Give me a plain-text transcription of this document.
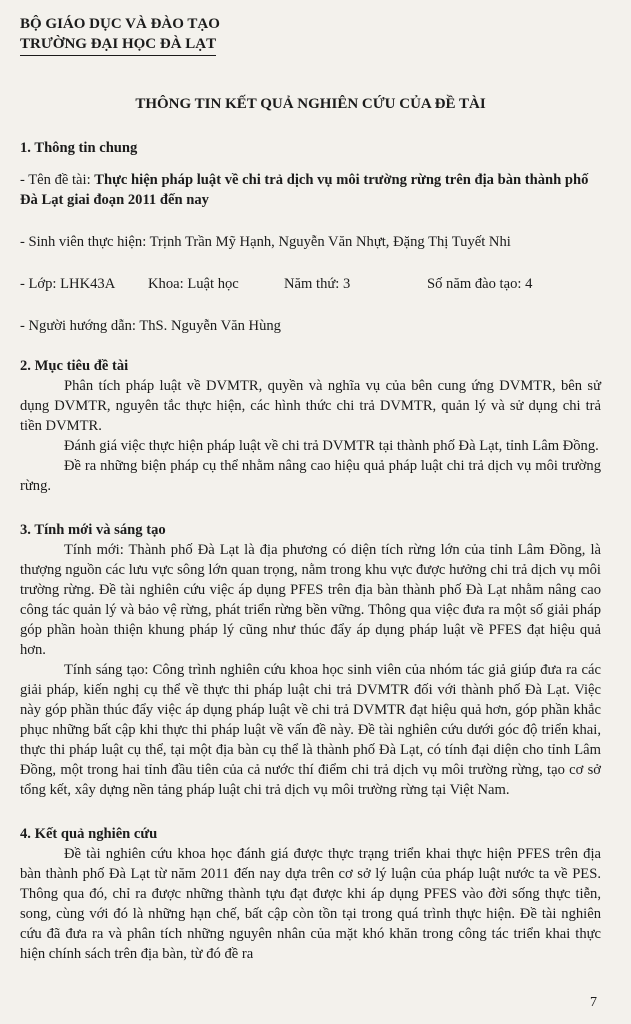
BỘ GIÁO DỤC VÀ ĐÀO TẠO
TRƯỜNG ĐẠI HỌC ĐÀ LẠT
THÔNG TIN KẾT QUẢ NGHIÊN CỨU CỦA ĐỀ TÀI
1. Thông tin chung
- Tên đề tài: Thực hiện pháp luật về chi trả dịch vụ môi trường rừng trên địa bàn thành phố Đà Lạt giai đoạn 2011 đến nay
- Sinh viên thực hiện: Trịnh Trần Mỹ Hạnh, Nguyễn Văn Nhựt, Đặng Thị Tuyết Nhi
- Lớp: LHK43A	Khoa: Luật học	Năm thứ: 3	Số năm đào tạo: 4
- Người hướng dẫn: ThS. Nguyễn Văn Hùng
2. Mục tiêu đề tài

Phân tích pháp luật về DVMTR, quyền và nghĩa vụ của bên cung ứng DVMTR, bên sử dụng DVMTR, nguyên tắc thực hiện, các hình thức chi trả DVMTR, quản lý và sử dụng chi trả tiền DVMTR.

Đánh giá việc thực hiện pháp luật về chi trả DVMTR tại thành phố Đà Lạt, tỉnh Lâm Đồng.

Đề ra những biện pháp cụ thể nhằm nâng cao hiệu quả pháp luật chi trả dịch vụ môi trường rừng.

3. Tính mới và sáng tạo

Tính mới: Thành phố Đà Lạt là địa phương có diện tích rừng lớn của tỉnh Lâm Đồng, là thượng nguồn các lưu vực sông lớn quan trọng, nằm trong khu vực được hưởng chi trả dịch vụ môi trường rừng. Đề tài nghiên cứu việc áp dụng PFES trên địa bàn thành phố Đà Lạt nhằm nâng cao công tác quản lý và bảo vệ rừng, phát triển rừng bền vững. Thông qua việc đưa ra một số giải pháp góp phần hoàn thiện khung pháp lý cũng như thúc đẩy áp dụng pháp luật về PFES đạt hiệu quả hơn.

Tính sáng tạo: Công trình nghiên cứu khoa học sinh viên của nhóm tác giả giúp đưa ra các giải pháp, kiến nghị cụ thể về thực thi pháp luật chi trả DVMTR đối với thành phố Đà Lạt. Việc này góp phần thúc đẩy việc áp dụng pháp luật về chi trả DVMTR đạt hiệu quả hơn, góp phần khắc phục những bất cập khi thực thi pháp luật về vấn đề này. Đề tài nghiên cứu dưới góc độ triển khai, thực thi pháp luật cụ thể, tại một địa bàn cụ thể là thành phố Đà Lạt, có tính đại diện cho tỉnh Lâm Đồng, một trong hai tỉnh đầu tiên của cả nước thí điểm chi trả dịch vụ môi trường rừng, tạo cơ sở tổng kết, xây dựng nền tảng pháp luật chi trả dịch vụ môi trường rừng tại Việt Nam.

4. Kết quả nghiên cứu

Đề tài nghiên cứu khoa học đánh giá được thực trạng triển khai thực hiện PFES trên địa bàn thành phố Đà Lạt từ năm 2011 đến nay dựa trên cơ sở lý luận của pháp luật nước ta về PES. Thông qua đó, chỉ ra được những thành tựu đạt được khi áp dụng PFES vào đời sống thực tiễn, song, cùng với đó là những hạn chế, bất cập còn tồn tại trong quá trình thực hiện. Đề tài nghiên cứu đã đưa ra và phân tích những nguyên nhân của mặt khó khăn trong công tác triển khai thực hiện chính sách trên địa bàn, từ đó đề ra

7
